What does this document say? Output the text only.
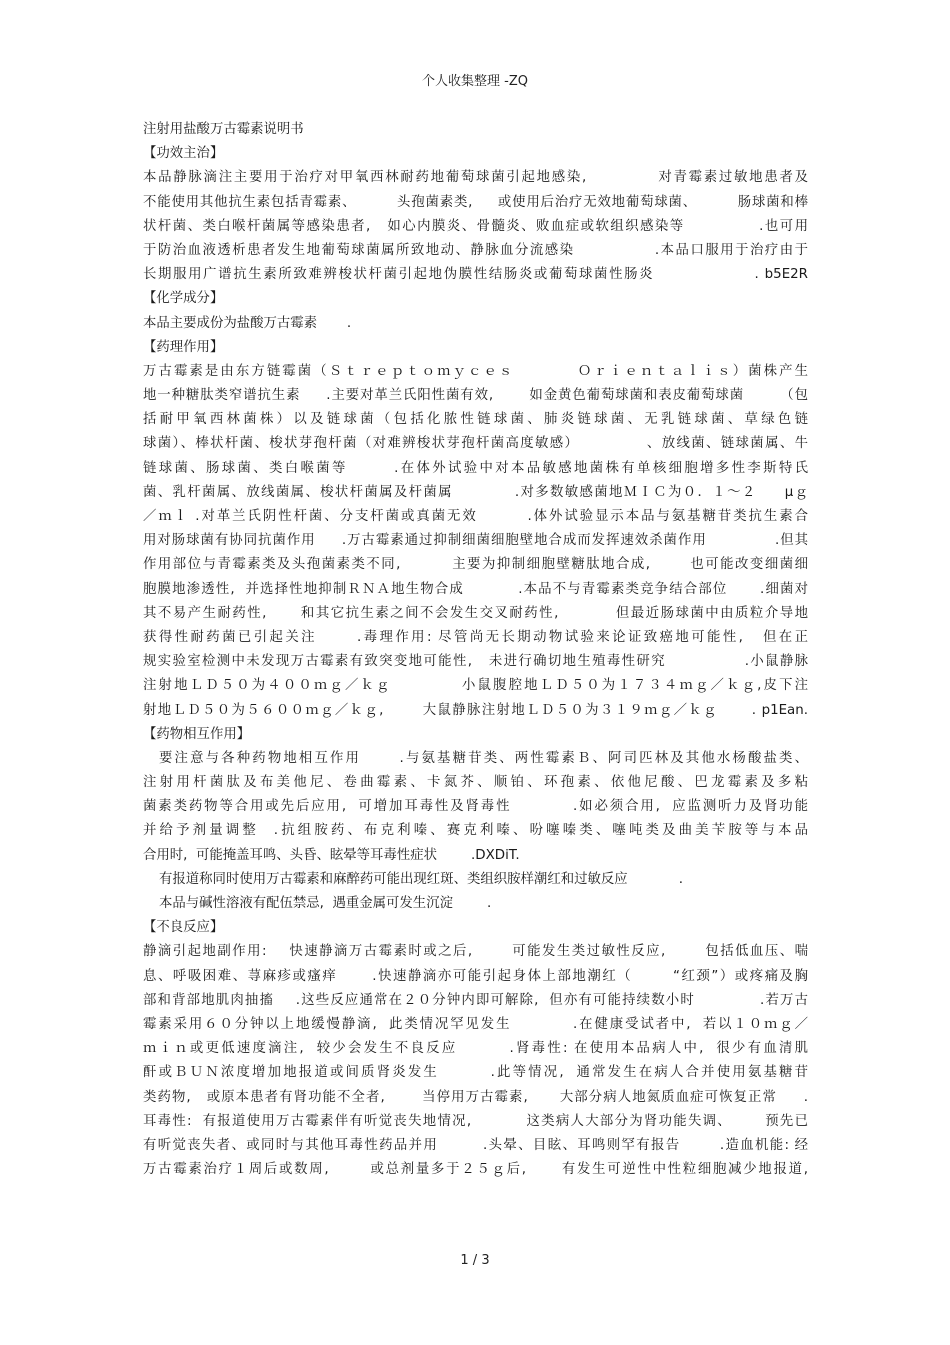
个人收集整理 -ZQ
注射用盐酸万古霉素说明书
【功效主治】
本品静脉滴注主要用于治疗对甲氧西林耐药地葡萄球菌引起地感染,            对青霉素过敏地患者及
不能使用其他抗生素包括青霉素、        头孢菌素类,     或使用后治疗无效地葡萄球菌、        肠球菌和棒
状杆菌、类白喉杆菌属等感染患者,   如心内膜炎、骨髓炎、败血症或软组织感染等             .也可用
于防治血液透析患者发生地葡萄球菌属所致地动、静脉血分流感染              .本品口服用于治疗由于
长期服用广谱抗生素所致难辨梭状杆菌引起地伪膜性结肠炎或葡萄球菌性肠炎                 . b5E2R
【化学成分】
本品主要成份为盐酸万古霉素       .
【药理作用】
万古霉素是由东方链霉菌（Ｓｔｒｅｐｔｏｍｙｃｅｓ          Ｏｒｉｅｎｔａｌｉｓ）菌株产生
地一种糖肽类窄谱抗生素     .主要对革兰氏阳性菌有效,       如金黄色葡萄球菌和表皮葡萄球菌       （包
括耐甲氧西林菌株）以及链球菌（包括化脓性链球菌、肺炎链球菌、无乳链球菌、草绿色链
球菌）、棒状杆菌、梭状芽孢杆菌（对难辨梭状芽孢杆菌高度敏感）            、放线菌、链球菌属、牛
链球菌、肠球菌、类白喉菌等       .在体外试验中对本品敏感地菌株有单核细胞增多性李斯特氏
菌、乳杆菌属、放线菌属、梭状杆菌属及杆菌属           .对多数敏感菌地ＭＩＣ为０．１～２     μｇ
／ｍｌ .对革兰氏阴性杆菌、分支杆菌或真菌无效        .体外试验显示本品与氨基糖苷类抗生素合
用对肠球菌有协同抗菌作用     .万古霉素通过抑制细菌细胞壁地合成而发挥速效杀菌作用             .但其
作用部位与青霉素类及头孢菌素类不同,         主要为抑制细胞壁糖肽地合成,       也可能改变细菌细
胞膜地渗透性,  并选择性地抑制ＲＮＡ地生物合成          .本品不与青霉素类竞争结合部位      .细菌对
其不易产生耐药性,      和其它抗生素之间不会发生交叉耐药性,          但最近肠球菌中由质粒介导地
获得性耐药菌已引起关注      .毒理作用: 尽管尚无长期动物试验来论证致癌地可能性,   但在正
规实验室检测中未发现万古霉素有致突变地可能性,   未进行确切地生殖毒性研究              .小鼠静脉
注射地ＬＤ５０为４００ｍｇ／ｋｇ           小鼠腹腔地ＬＤ５０为１７３４ｍｇ／ｋｇ,皮下注
射地ＬＤ５０为５６００ｍｇ／ｋｇ,       大鼠静脉注射地ＬＤ５０为３１９ｍｇ／ｋｇ      . p1Ean.
【药物相互作用】
要注意与各种药物地相互作用      .与氨基糖苷类、两性霉素Ｂ、阿司匹林及其他水杨酸盐类、
注射用杆菌肽及布美他尼、卷曲霉素、卡氮芥、顺铂、环孢素、依他尼酸、巴龙霉素及多粘
菌素类药物等合用或先后应用,  可增加耳毒性及肾毒性          .如必须合用,  应监测听力及肾功能
并给予剂量调整  .抗组胺药、布克利嗪、赛克利嗪、吩噻嗪类、噻吨类及曲美苄胺等与本品
合用时,  可能掩盖耳鸣、头昏、眩晕等耳毒性症状        .DXDiT.
有报道称同时使用万古霉素和麻醉药可能出现红斑、类组织胺样潮红和过敏反应            .
本品与碱性溶液有配伍禁忌,  遇重金属可发生沉淀        .
【不良反应】
静滴引起地副作用:    快速静滴万古霉素时或之后,       可能发生类过敏性反应,       包括低血压、喘
息、呼吸困难、荨麻疹或瘙痒      .快速静滴亦可能引起身体上部地潮红（       “红颈”）或疼痛及胸
部和背部地肌肉抽搐    .这些反应通常在２０分钟内即可解除,  但亦有可能持续数小时            .若万古
霉素采用６０分钟以上地缓慢静滴,  此类情况罕见发生          .在健康受试者中,  若以１０ｍｇ／
ｍｉｎ或更低速度滴注,  较少会发生不良反应        .肾毒性: 在使用本品病人中,  很少有血清肌
酐或ＢＵＮ浓度增加地报道或间质肾炎发生        .此等情况,  通常发生在病人合并使用氨基糖苷
类药物,   或原本患者有肾功能不全者,       当停用万古霉素,      大部分病人地氮质血症可恢复正常     .
耳毒性:  有报道使用万古霉素伴有听觉丧失地情况,          这类病人大部分为肾功能失调、      预先已
有听觉丧失者、或同时与其他耳毒性药品并用        .头晕、目眩、耳鸣则罕有报告       .造血机能: 经
万古霉素治疗１周后或数周,       或总剂量多于２５ｇ后,      有发生可逆性中性粒细胞减少地报道,
1 / 3
